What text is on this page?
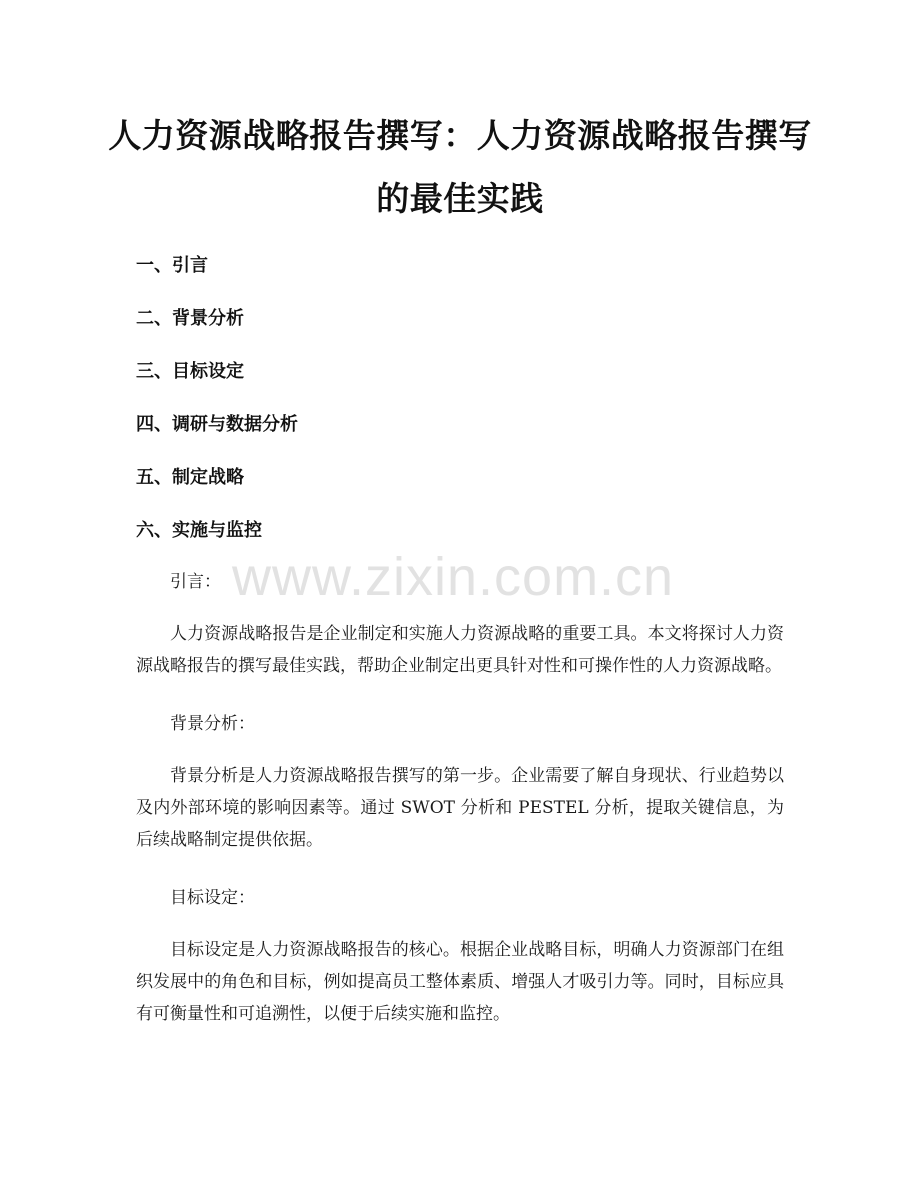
www.zixin.com.cn
人力资源战略报告撰写：人力资源战略报告撰写的最佳实践
一、引言
二、背景分析
三、目标设定
四、调研与数据分析
五、制定战略
六、实施与监控

引言：

人力资源战略报告是企业制定和实施人力资源战略的重要工具。本文将探讨人力资源战略报告的撰写最佳实践，帮助企业制定出更具针对性和可操作性的人力资源战略。

背景分析：

背景分析是人力资源战略报告撰写的第一步。企业需要了解自身现状、行业趋势以及内外部环境的影响因素等。通过 SWOT 分析和 PESTEL 分析，提取关键信息，为后续战略制定提供依据。

目标设定：

目标设定是人力资源战略报告的核心。根据企业战略目标，明确人力资源部门在组织发展中的角色和目标，例如提高员工整体素质、增强人才吸引力等。同时，目标应具有可衡量性和可追溯性，以便于后续实施和监控。
